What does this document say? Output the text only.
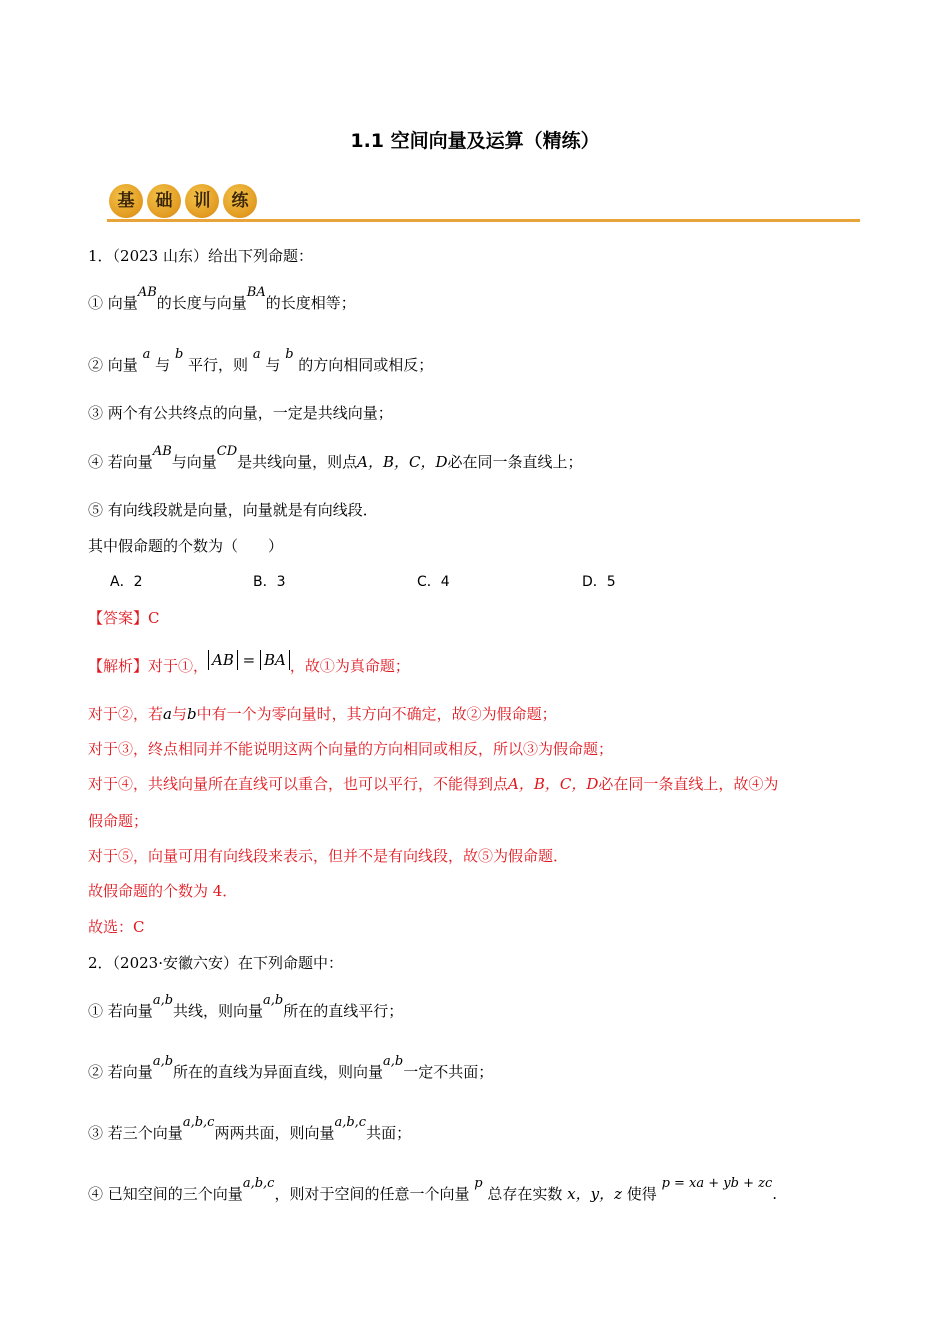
1.1 空间向量及运算（精练）
基	础	训	练
1．（2023 山东）给出下列命题：
① 向量AB的长度与向量BA的长度相等；
② 向量 a 与 b 平行，则 a 与 b 的方向相同或相反；
③ 两个有公共终点的向量，一定是共线向量；
④ 若向量AB与向量CD是共线向量，则点A，B，C，D必在同一条直线上；
⑤ 有向线段就是向量，向量就是有向线段．
其中假命题的个数为（　　）
A．2	B．3	C．4	D．5
【答案】C
【解析】对于①， AB = BA ，故①为真命题；
对于②，若a与b中有一个为零向量时，其方向不确定，故②为假命题；
对于③，终点相同并不能说明这两个向量的方向相同或相反，所以③为假命题；
对于④，共线向量所在直线可以重合，也可以平行，不能得到点A，B，C，D必在同一条直线上，故④为
假命题；
对于⑤，向量可用有向线段来表示，但并不是有向线段，故⑤为假命题．
故假命题的个数为 4．
故选：C
2．（2023·安徽六安）在下列命题中：
① 若向量a,b共线，则向量a,b所在的直线平行；
② 若向量a,b所在的直线为异面直线，则向量a,b一定不共面；
③ 若三个向量a,b,c两两共面，则向量a,b,c共面；
④ 已知空间的三个向量a,b,c，则对于空间的任意一个向量 p 总存在实数 x，y，z 使得 p = xa + yb + zc.
